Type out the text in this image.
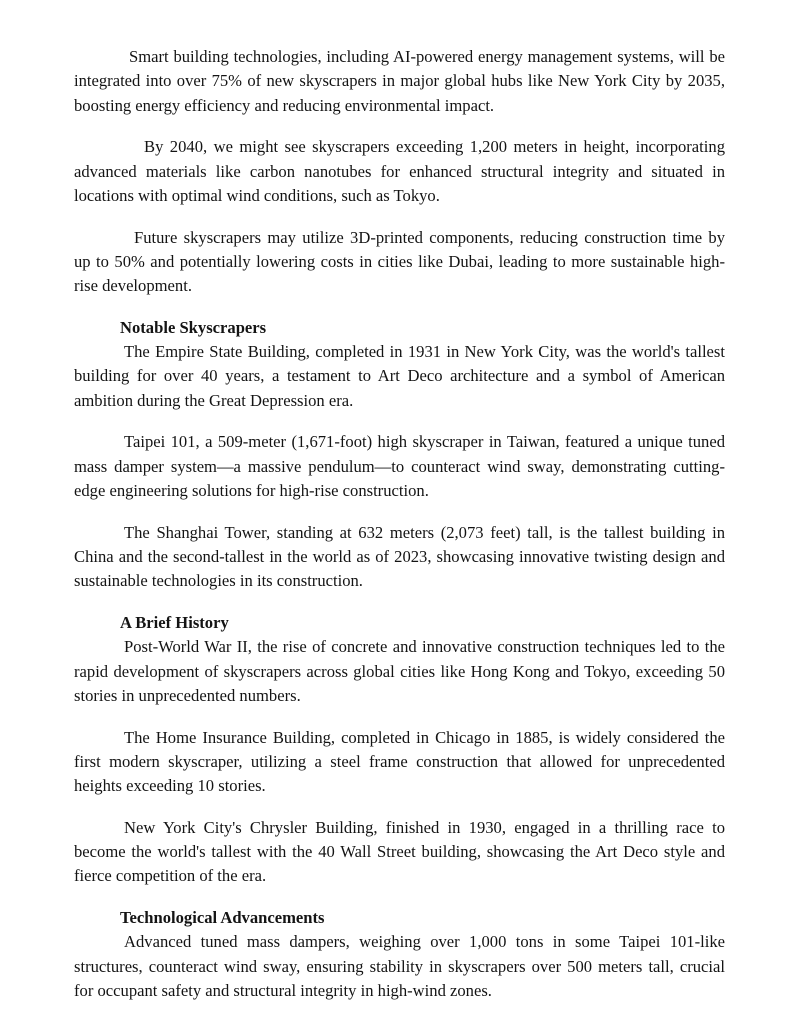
Smart building technologies, including AI-powered energy management systems, will be integrated into over 75% of new skyscrapers in major global hubs like New York City by 2035, boosting energy efficiency and reducing environmental impact.

By 2040, we might see skyscrapers exceeding 1,200 meters in height, incorporating advanced materials like carbon nanotubes for enhanced structural integrity and situated in locations with optimal wind conditions, such as Tokyo.

Future skyscrapers may utilize 3D-printed components, reducing construction time by up to 50% and potentially lowering costs in cities like Dubai, leading to more sustainable high-rise development.

Notable Skyscrapers

The Empire State Building, completed in 1931 in New York City, was the world's tallest building for over 40 years, a testament to Art Deco architecture and a symbol of American ambition during the Great Depression era.

Taipei 101, a 509-meter (1,671-foot) high skyscraper in Taiwan, featured a unique tuned mass damper system—a massive pendulum—to counteract wind sway, demonstrating cutting-edge engineering solutions for high-rise construction.

The Shanghai Tower, standing at 632 meters (2,073 feet) tall, is the tallest building in China and the second-tallest in the world as of 2023, showcasing innovative twisting design and sustainable technologies in its construction.

A Brief History

Post-World War II, the rise of concrete and innovative construction techniques led to the rapid development of skyscrapers across global cities like Hong Kong and Tokyo, exceeding 50 stories in unprecedented numbers.

The Home Insurance Building, completed in Chicago in 1885, is widely considered the first modern skyscraper, utilizing a steel frame construction that allowed for unprecedented heights exceeding 10 stories.

New York City's Chrysler Building, finished in 1930, engaged in a thrilling race to become the world's tallest with the 40 Wall Street building, showcasing the Art Deco style and fierce competition of the era.

Technological Advancements

Advanced tuned mass dampers, weighing over 1,000 tons in some Taipei 101-like structures, counteract wind sway, ensuring stability in skyscrapers over 500 meters tall, crucial for occupant safety and structural integrity in high-wind zones.
